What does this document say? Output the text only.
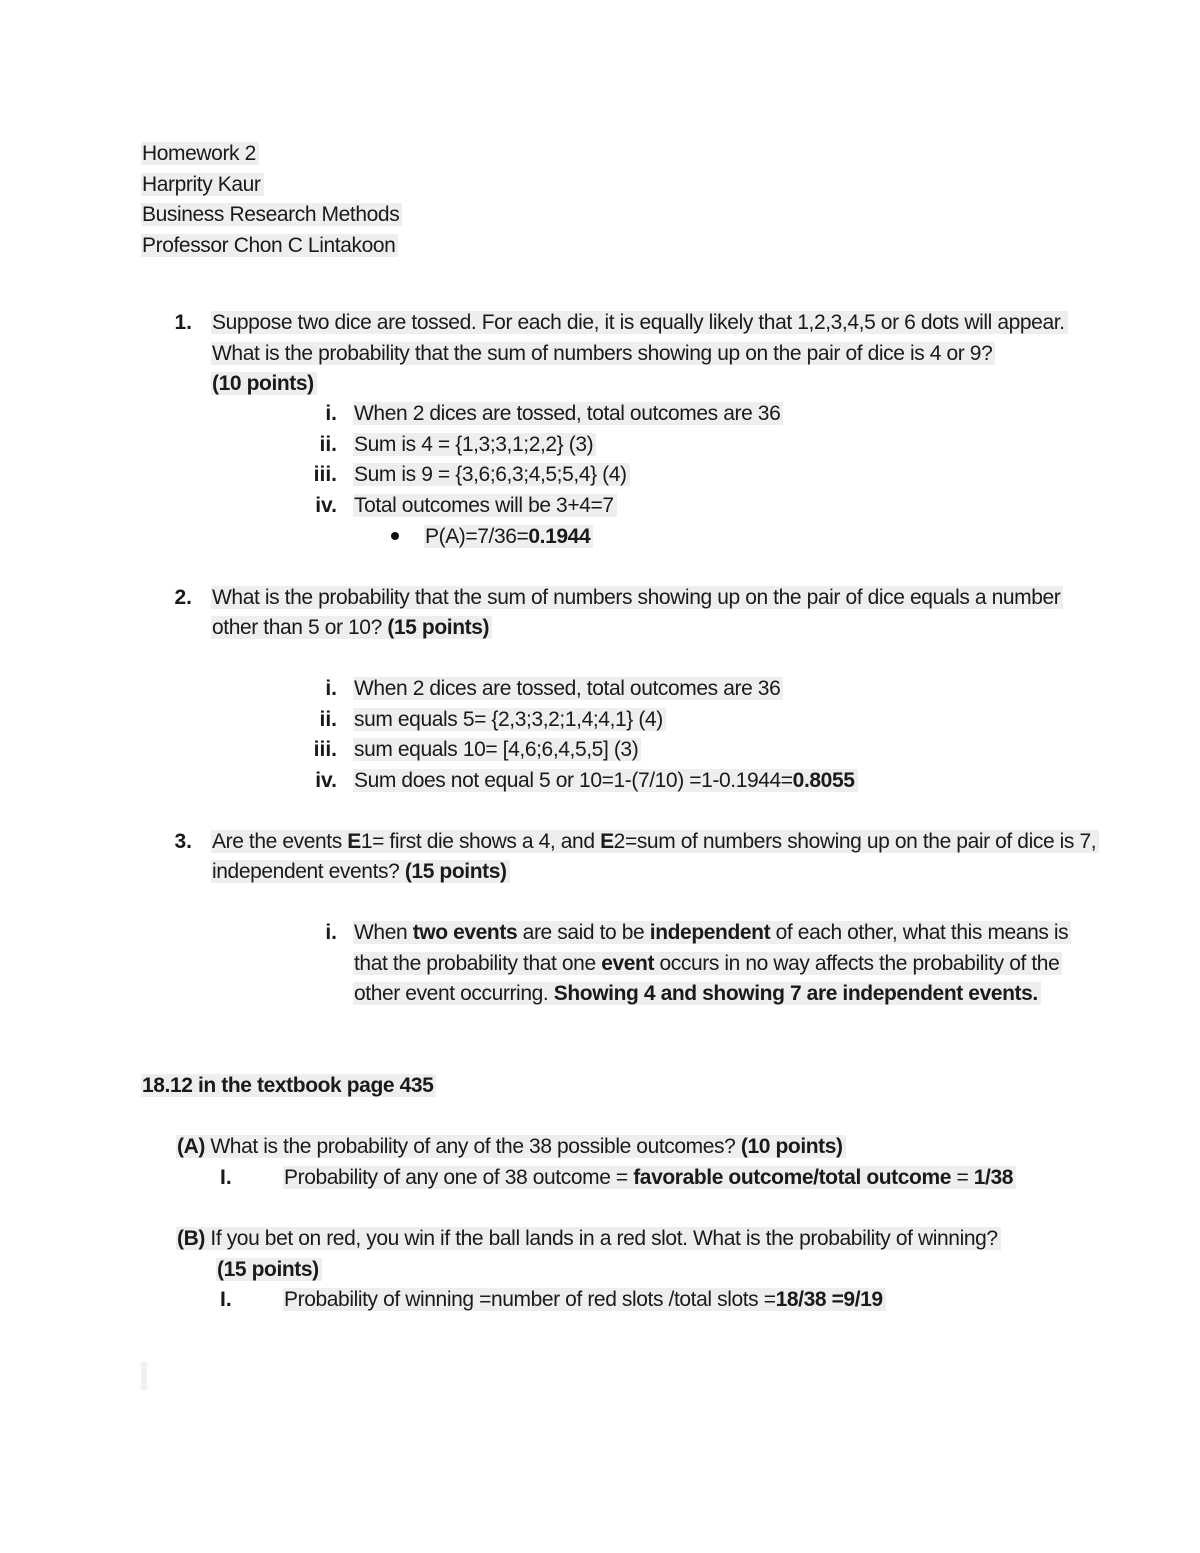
Homework 2
Harprity Kaur
Business Research Methods
Professor Chon C Lintakoon
1. Suppose two dice are tossed. For each die, it is equally likely that 1,2,3,4,5 or 6 dots will appear.
What is the probability that the sum of numbers showing up on the pair of dice is 4 or 9?
(10 points)
i. When 2 dices are tossed, total outcomes are 36
ii. Sum is 4 = {1,3;3,1;2,2} (3)
iii. Sum is 9 = {3,6;6,3;4,5;5,4} (4)
iv. Total outcomes will be 3+4=7
P(A)=7/36=0.1944
2. What is the probability that the sum of numbers showing up on the pair of dice equals a number
other than 5 or 10? (15 points)
i. When 2 dices are tossed, total outcomes are 36
ii. sum equals 5= {2,3;3,2;1,4;4,1} (4)
iii. sum equals 10= [4,6;6,4,5,5] (3)
iv. Sum does not equal 5 or 10=1-(7/10) =1-0.1944=0.8055
3. Are the events E1= first die shows a 4, and E2=sum of numbers showing up on the pair of dice is 7,
independent events? (15 points)
i. When two events are said to be independent of each other, what this means is
that the probability that one event occurs in no way affects the probability of the
other event occurring. Showing 4 and showing 7 are independent events.
18.12 in the textbook page 435
(A) What is the probability of any of the 38 possible outcomes? (10 points)
I.	Probability of any one of 38 outcome = favorable outcome/total outcome = 1/38
(B) If you bet on red, you win if the ball lands in a red slot. What is the probability of winning?
(15 points)
I.	Probability of winning =number of red slots /total slots =18/38 =9/19
